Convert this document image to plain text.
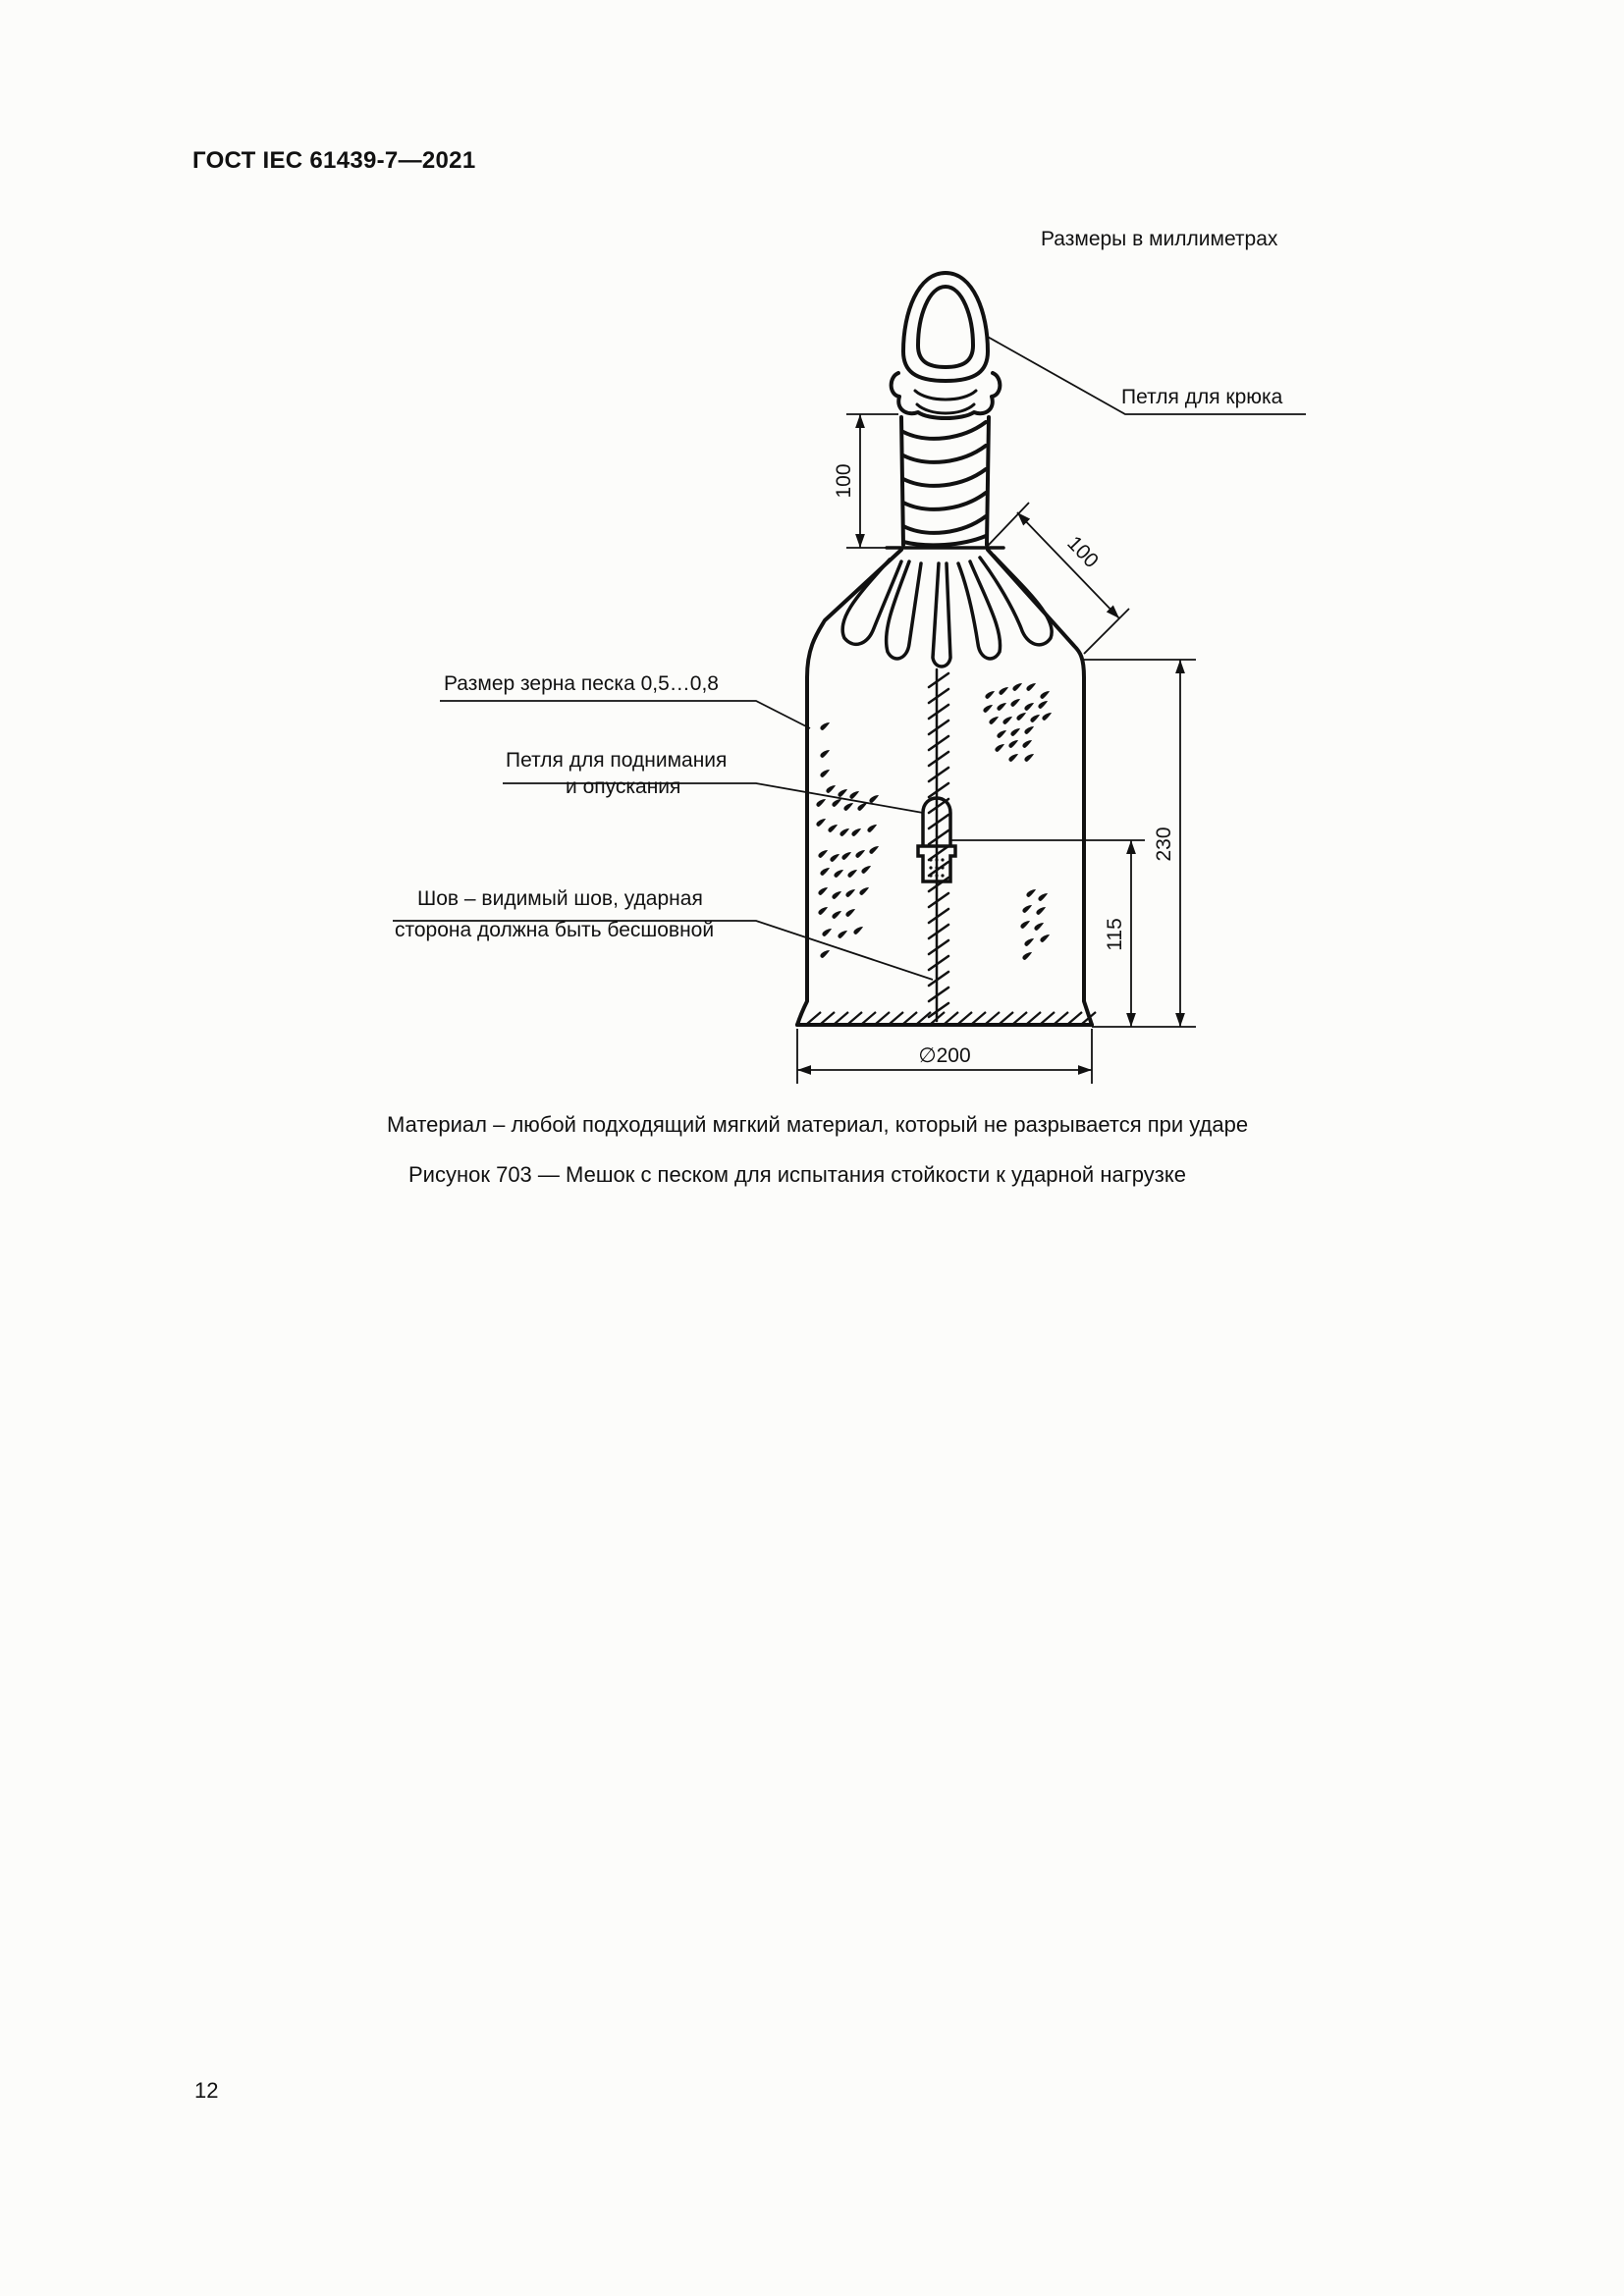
ГОСТ IEC 61439-7—2021
Размеры в миллиметрах
100
100
230
115
∅200
Петля для крюка
Размер зерна песка 0,5…0,8
Петля для поднимания
и опускания
Шов – видимый шов, ударная
сторона должна быть бесшовной
Материал – любой подходящий мягкий материал, который не разрывается при ударе
Рисунок 703 — Мешок с песком для испытания стойкости к ударной нагрузке
12
